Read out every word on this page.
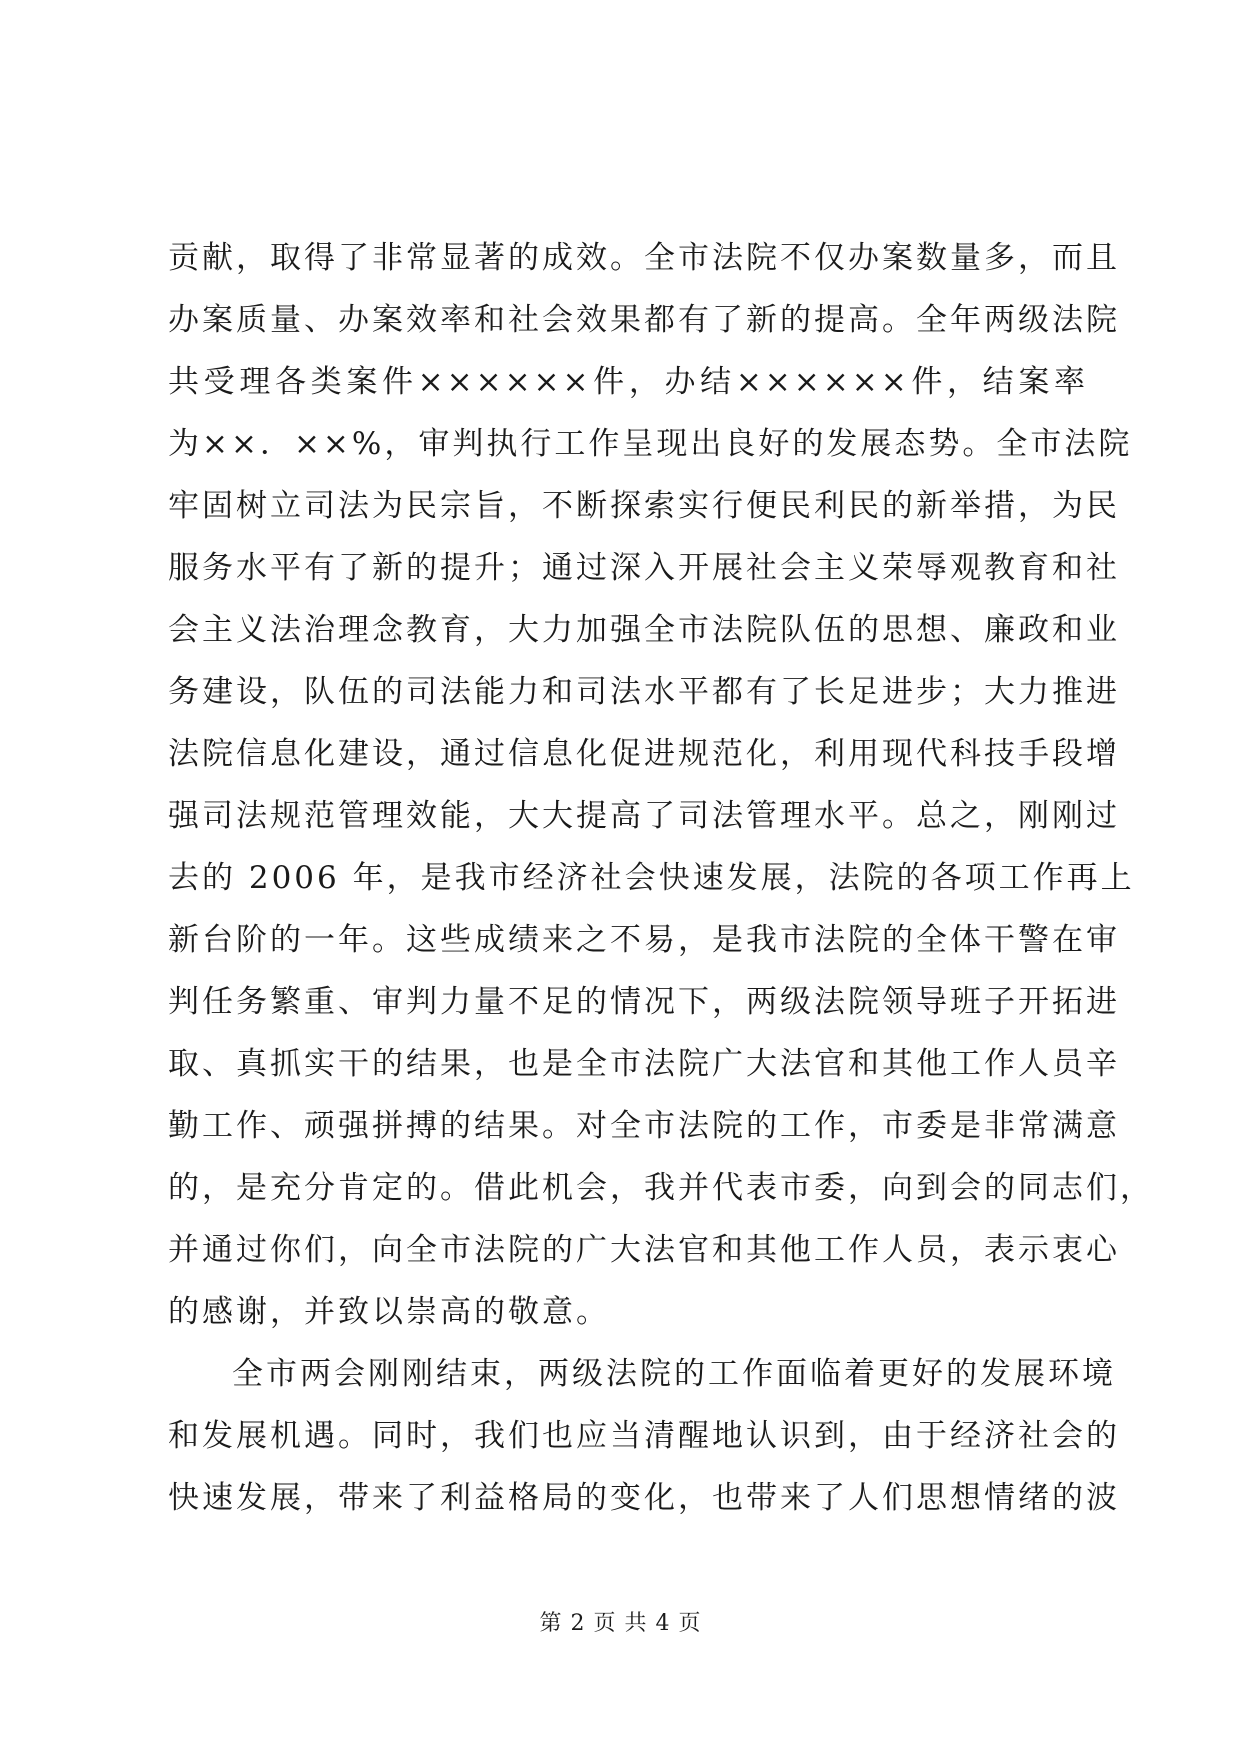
贡献，取得了非常显著的成效。全市法院不仅办案数量多，而且
办案质量、办案效率和社会效果都有了新的提高。全年两级法院
共受理各类案件××××××件，办结××××××件，结案率
为××．××%，审判执行工作呈现出良好的发展态势。全市法院
牢固树立司法为民宗旨，不断探索实行便民利民的新举措，为民
服务水平有了新的提升；通过深入开展社会主义荣辱观教育和社
会主义法治理念教育，大力加强全市法院队伍的思想、廉政和业
务建设，队伍的司法能力和司法水平都有了长足进步；大力推进
法院信息化建设，通过信息化促进规范化，利用现代科技手段增
强司法规范管理效能，大大提高了司法管理水平。总之，刚刚过
去的 2006 年，是我市经济社会快速发展，法院的各项工作再上
新台阶的一年。这些成绩来之不易，是我市法院的全体干警在审
判任务繁重、审判力量不足的情况下，两级法院领导班子开拓进
取、真抓实干的结果，也是全市法院广大法官和其他工作人员辛
勤工作、顽强拼搏的结果。对全市法院的工作，市委是非常满意
的，是充分肯定的。借此机会，我并代表市委，向到会的同志们，
并通过你们，向全市法院的广大法官和其他工作人员，表示衷心
的感谢，并致以崇高的敬意。
全市两会刚刚结束，两级法院的工作面临着更好的发展环境
和发展机遇。同时，我们也应当清醒地认识到，由于经济社会的
快速发展，带来了利益格局的变化，也带来了人们思想情绪的波
第 2 页 共 4 页
